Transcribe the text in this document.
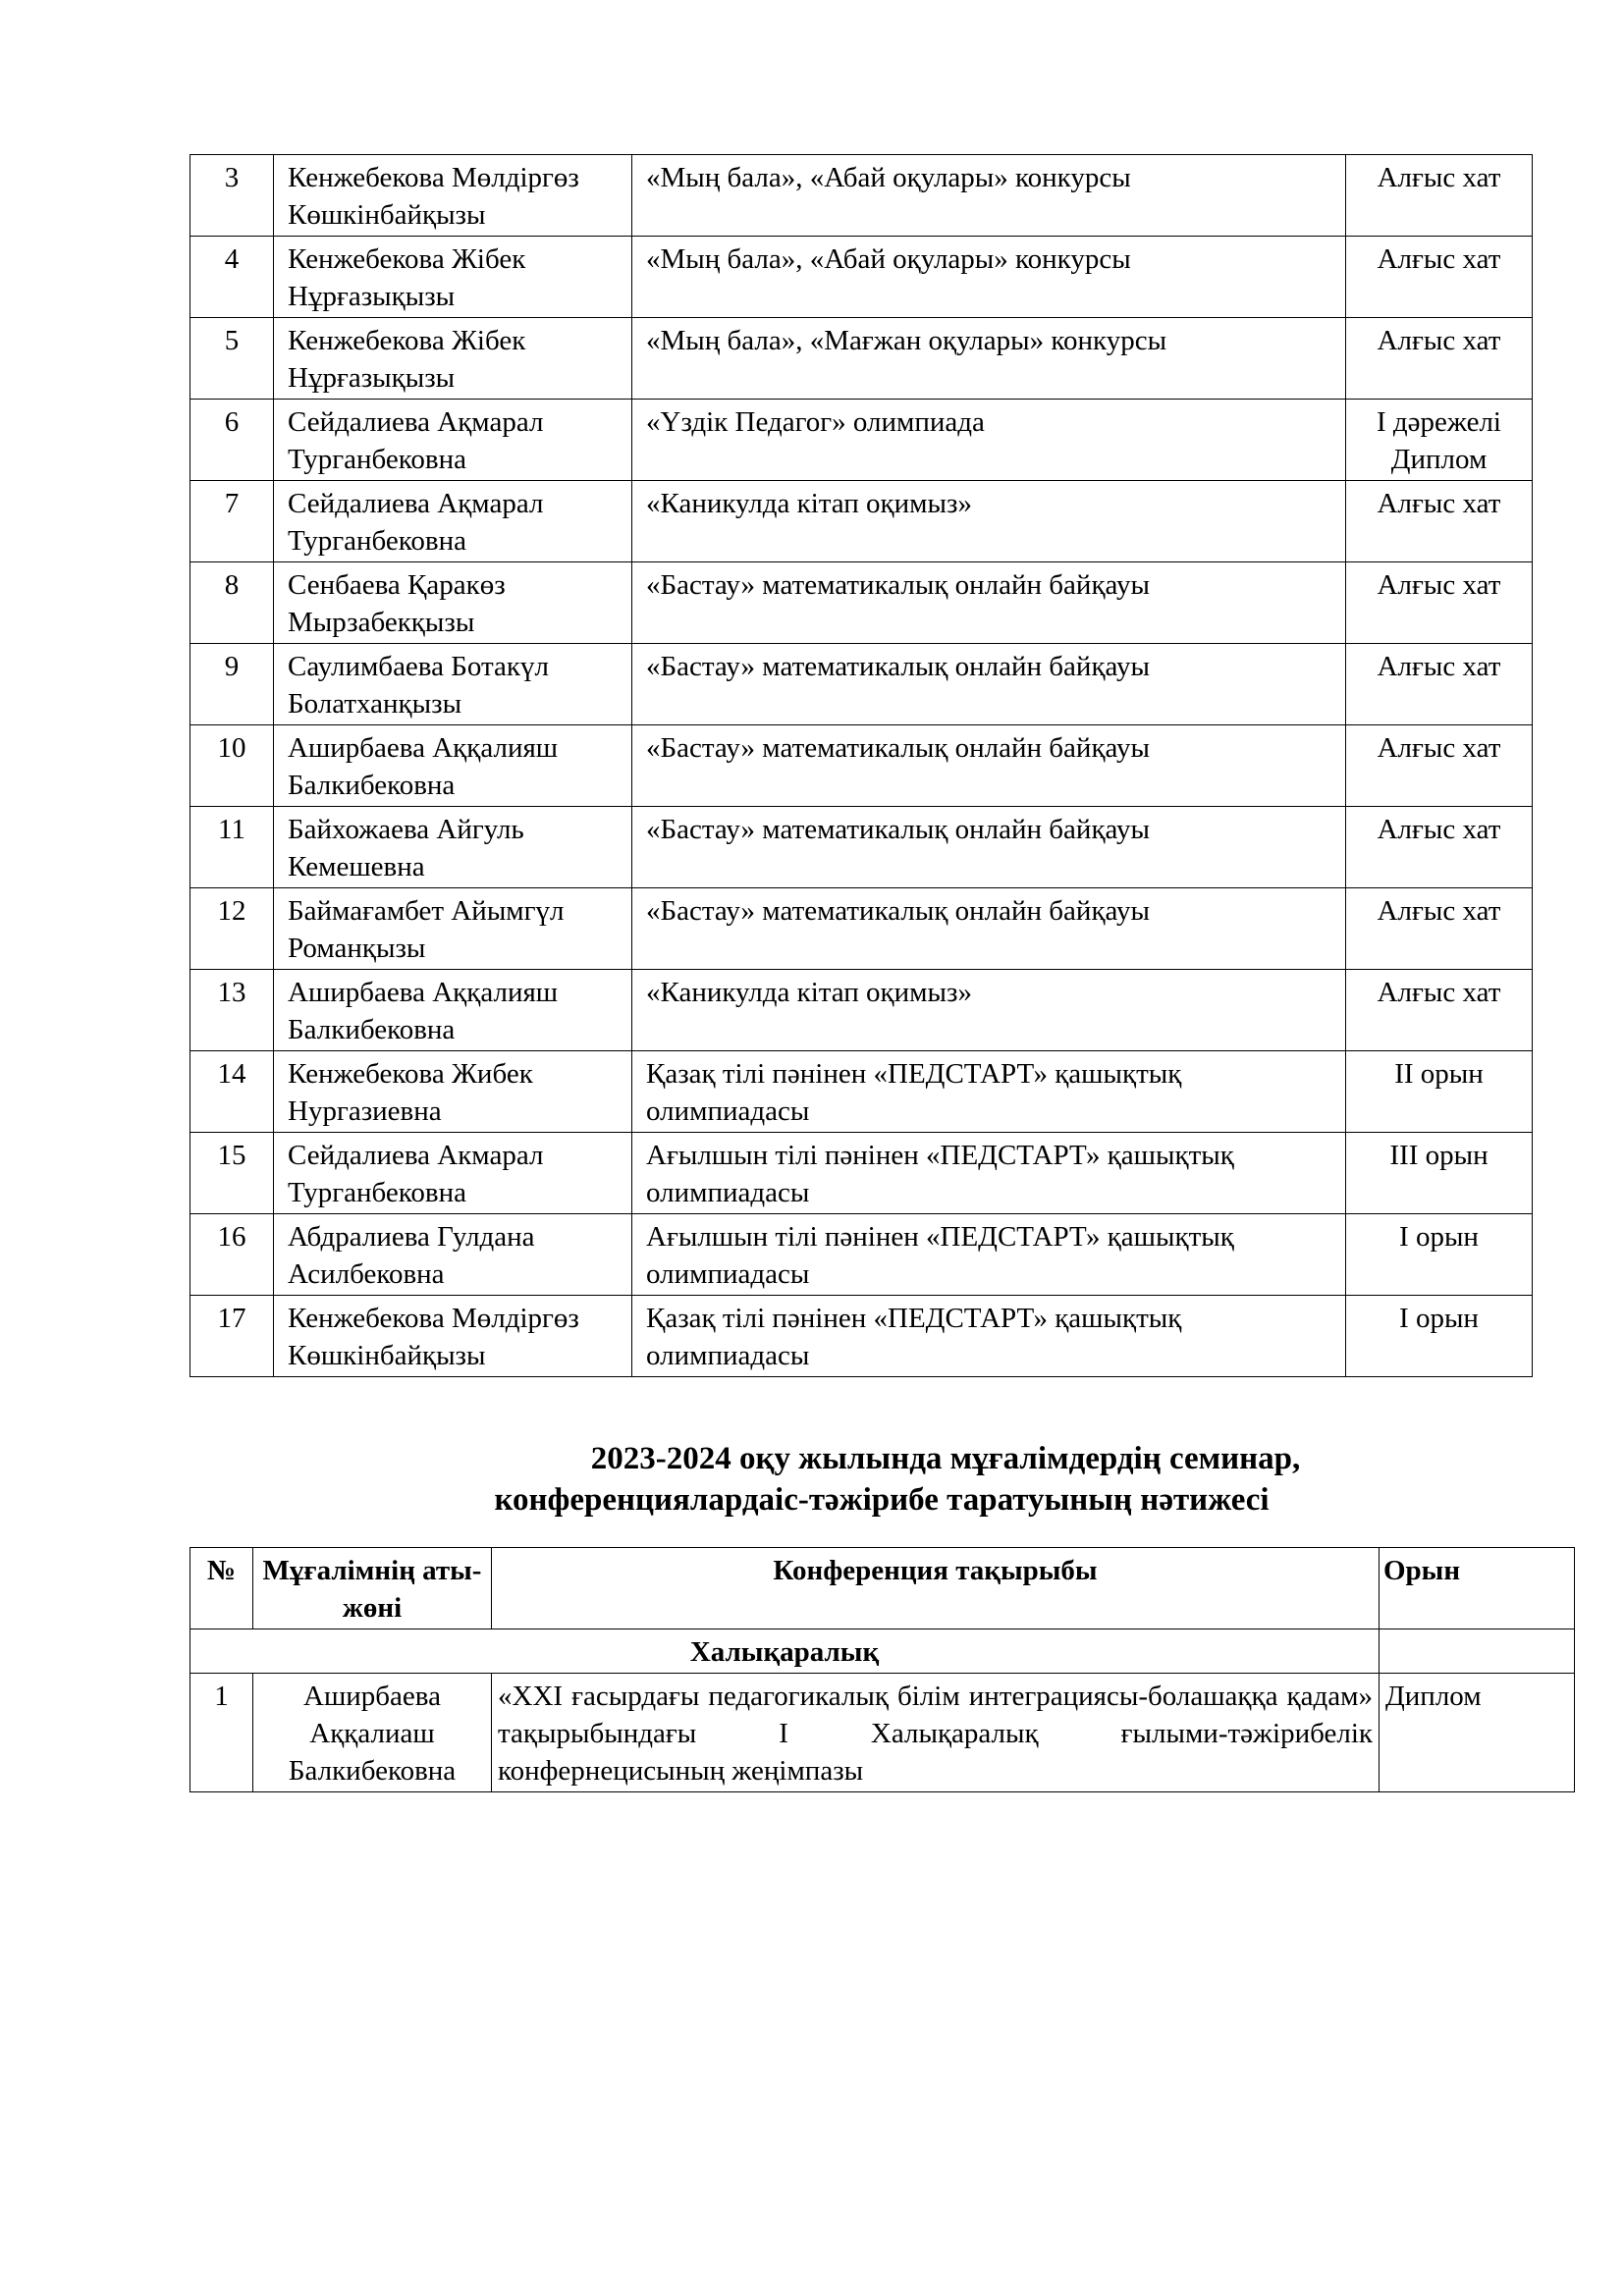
3	Кенжебекова Мөлдіргөз Көшкінбайқызы	«Мың бала», «Абай оқулары» конкурсы	Алғыс хат
4	Кенжебекова Жібек Нұрғазықызы	«Мың бала», «Абай оқулары» конкурсы	Алғыс хат
5	Кенжебекова Жібек Нұрғазықызы	«Мың бала», «Мағжан оқулары» конкурсы	Алғыс хат
6	Сейдалиева Ақмарал Турганбековна	«Үздік Педагог» олимпиада	І дәрежелі Диплом
7	Сейдалиева Ақмарал Турганбековна	«Каникулда кітап оқимыз»	Алғыс хат
8	Сенбаева Қаракөз Мырзабекқызы	«Бастау» математикалық онлайн байқауы	Алғыс хат
9	Саулимбаева Ботакүл Болатханқызы	«Бастау» математикалық онлайн байқауы	Алғыс хат
10	Аширбаева Аққалияш Балкибековна	«Бастау» математикалық онлайн байқауы	Алғыс хат
11	Байхожаева Айгуль Кемешевна	«Бастау» математикалық онлайн байқауы	Алғыс хат
12	Баймағамбет Айымгүл Романқызы	«Бастау» математикалық онлайн байқауы	Алғыс хат
13	Аширбаева Аққалияш Балкибековна	«Каникулда кітап оқимыз»	Алғыс хат
14	Кенжебекова Жибек Нургазиевна	Қазақ тілі пәнінен «ПЕДСТАРТ» қашықтық олимпиадасы	ІІ орын
15	Сейдалиева Акмарал Турганбековна	Ағылшын тілі пәнінен «ПЕДСТАРТ» қашықтық олимпиадасы	ІІІ орын
16	Абдралиева Гулдана Асилбековна	Ағылшын тілі пәнінен «ПЕДСТАРТ» қашықтық олимпиадасы	І орын
17	Кенжебекова Мөлдіргөз Көшкінбайқызы	Қазақ тілі пәнінен «ПЕДСТАРТ» қашықтық олимпиадасы	І орын
2023-2024 оқу жылында мұғалімдердің семинар,
конференциялардаіс-тәжірибе таратуының нәтижесі
№	Мұғалімнің аты-жөні	Конференция тақырыбы	Орын
Халықаралық			
1	Аширбаева Аққалиаш Балкибековна	«ХХІ ғасырдағы педагогикалық білім интеграциясы-болашаққа қадам» тақырыбындағы І Халықаралық ғылыми-тәжірибелік конфернецисының жеңімпазы	Диплом
